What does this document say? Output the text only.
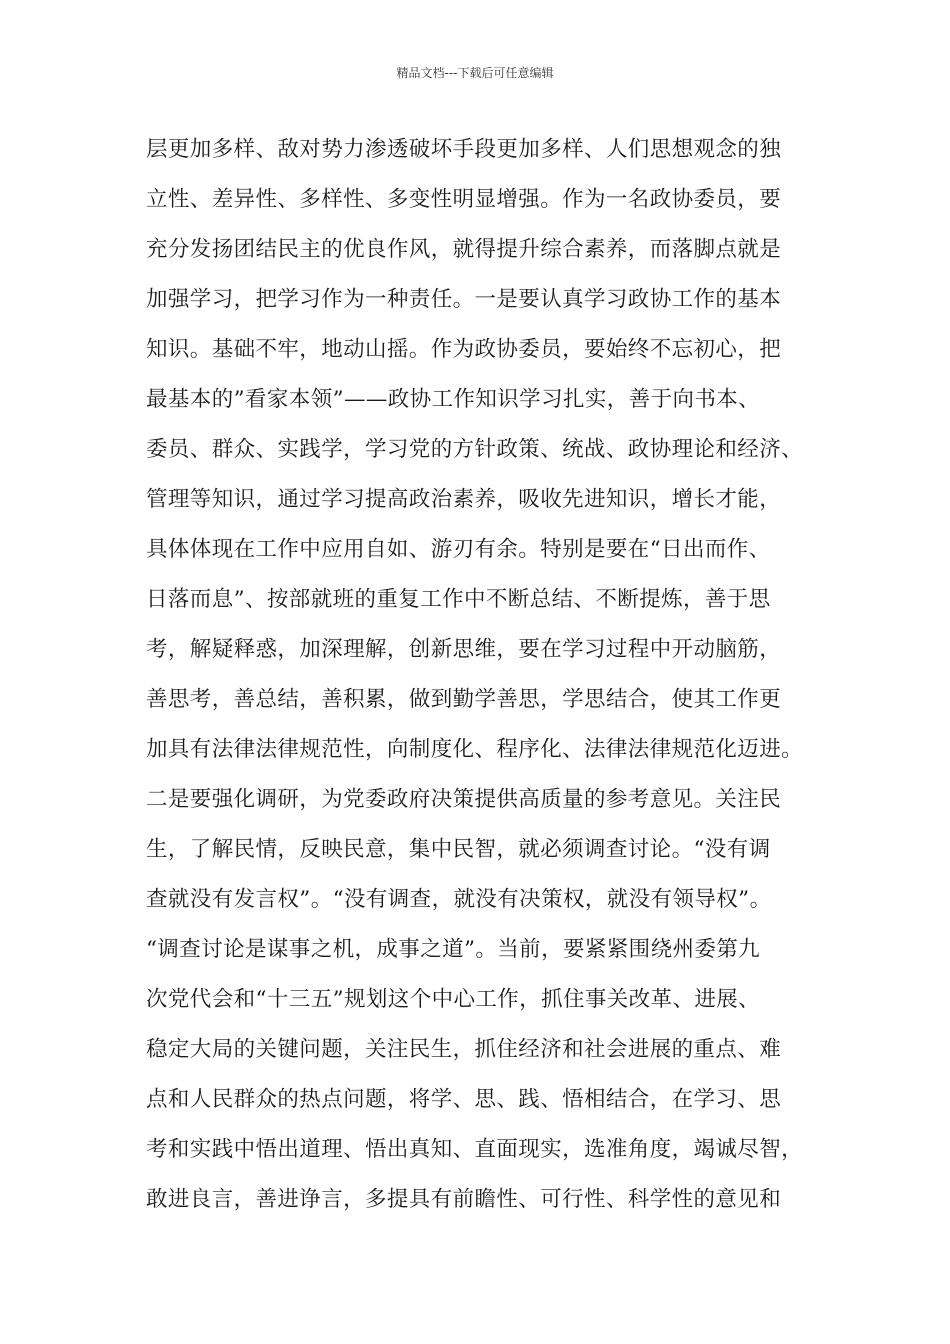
精品文档---下载后可任意编辑
层更加多样、敌对势力渗透破坏手段更加多样、人们思想观念的独
立性、差异性、多样性、多变性明显增强。作为一名政协委员，要
充分发扬团结民主的优良作风，就得提升综合素养，而落脚点就是
加强学习，把学习作为一种责任。一是要认真学习政协工作的基本
知识。基础不牢，地动山摇。作为政协委员，要始终不忘初心，把
最基本的”看家本领”——政协工作知识学习扎实，善于向书本、
委员、群众、实践学，学习党的方针政策、统战、政协理论和经济、
管理等知识，通过学习提高政治素养，吸收先进知识，增长才能，
具体体现在工作中应用自如、游刃有余。特别是要在“日出而作、
日落而息”、按部就班的重复工作中不断总结、不断提炼，善于思
考，解疑释惑，加深理解，创新思维，要在学习过程中开动脑筋，
善思考，善总结，善积累，做到勤学善思，学思结合，使其工作更
加具有法律法律规范性，向制度化、程序化、法律法律规范化迈进。
二是要强化调研，为党委政府决策提供高质量的参考意见。关注民
生，了解民情，反映民意，集中民智，就必须调查讨论。“没有调
查就没有发言权”。“没有调查，就没有决策权，就没有领导权”。
“调查讨论是谋事之机，成事之道”。当前，要紧紧围绕州委第九
次党代会和“十三五”规划这个中心工作，抓住事关改革、进展、
稳定大局的关键问题，关注民生，抓住经济和社会进展的重点、难
点和人民群众的热点问题，将学、思、践、悟相结合，在学习、思
考和实践中悟出道理、悟出真知、直面现实，选准角度，竭诚尽智，
敢进良言，善进诤言，多提具有前瞻性、可行性、科学性的意见和
